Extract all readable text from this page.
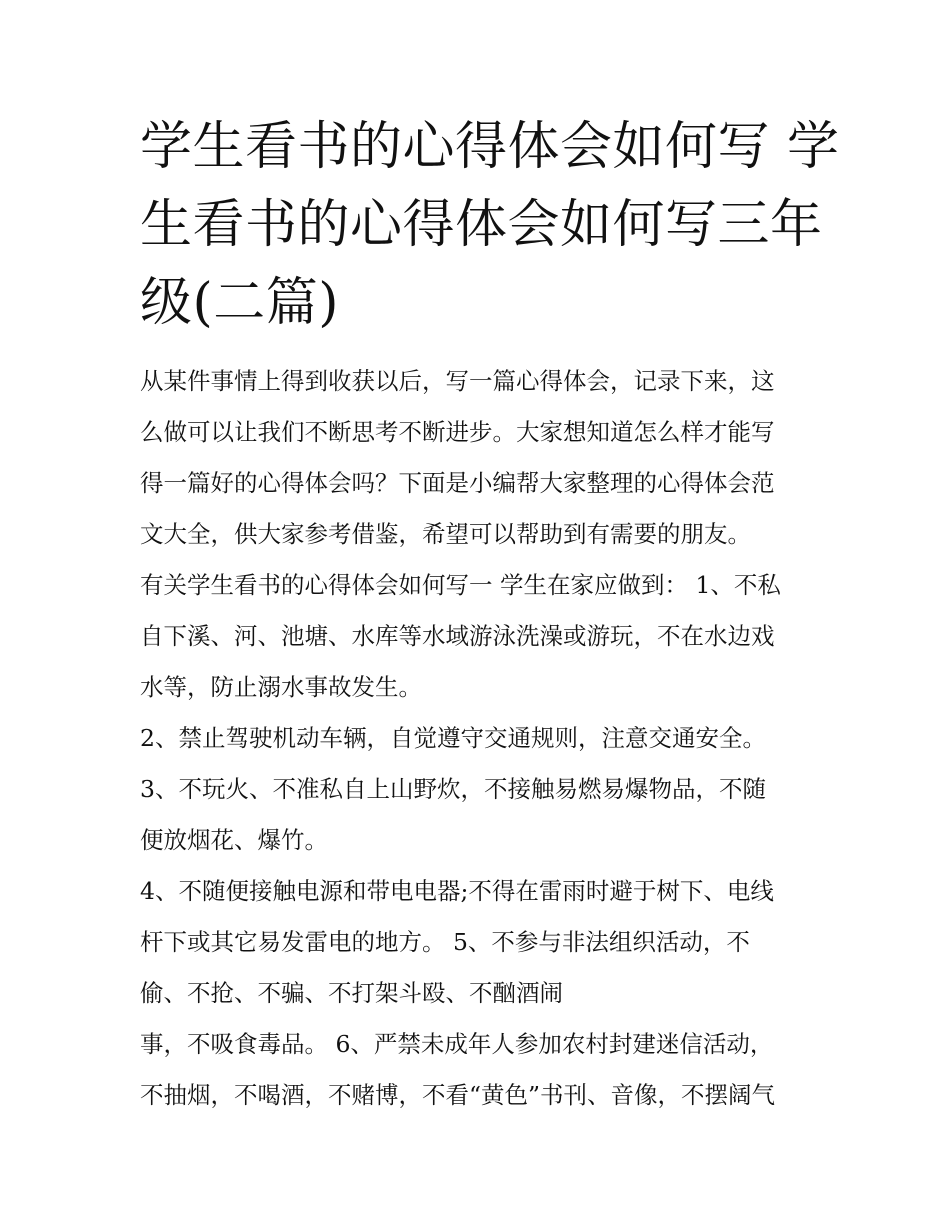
学生看书的心得体会如何写 学
生看书的心得体会如何写三年
级(二篇)
从某件事情上得到收获以后，写一篇心得体会，记录下来，这
么做可以让我们不断思考不断进步。大家想知道怎么样才能写
得一篇好的心得体会吗？下面是小编帮大家整理的心得体会范
文大全，供大家参考借鉴，希望可以帮助到有需要的朋友。
有关学生看书的心得体会如何写一 学生在家应做到： 1、不私
自下溪、河、池塘、水库等水域游泳洗澡或游玩，不在水边戏
水等，防止溺水事故发生。
2、禁止驾驶机动车辆，自觉遵守交通规则，注意交通安全。
3、不玩火、不准私自上山野炊，不接触易燃易爆物品，不随
便放烟花、爆竹。
4、不随便接触电源和带电电器;不得在雷雨时避于树下、电线
杆下或其它易发雷电的地方。 5、不参与非法组织活动，不
偷、不抢、不骗、不打架斗殴、不酗酒闹
事，不吸食毒品。 6、严禁未成年人参加农村封建迷信活动，
不抽烟，不喝酒，不赌博，不看“黄色”书刊、音像，不摆阔气
